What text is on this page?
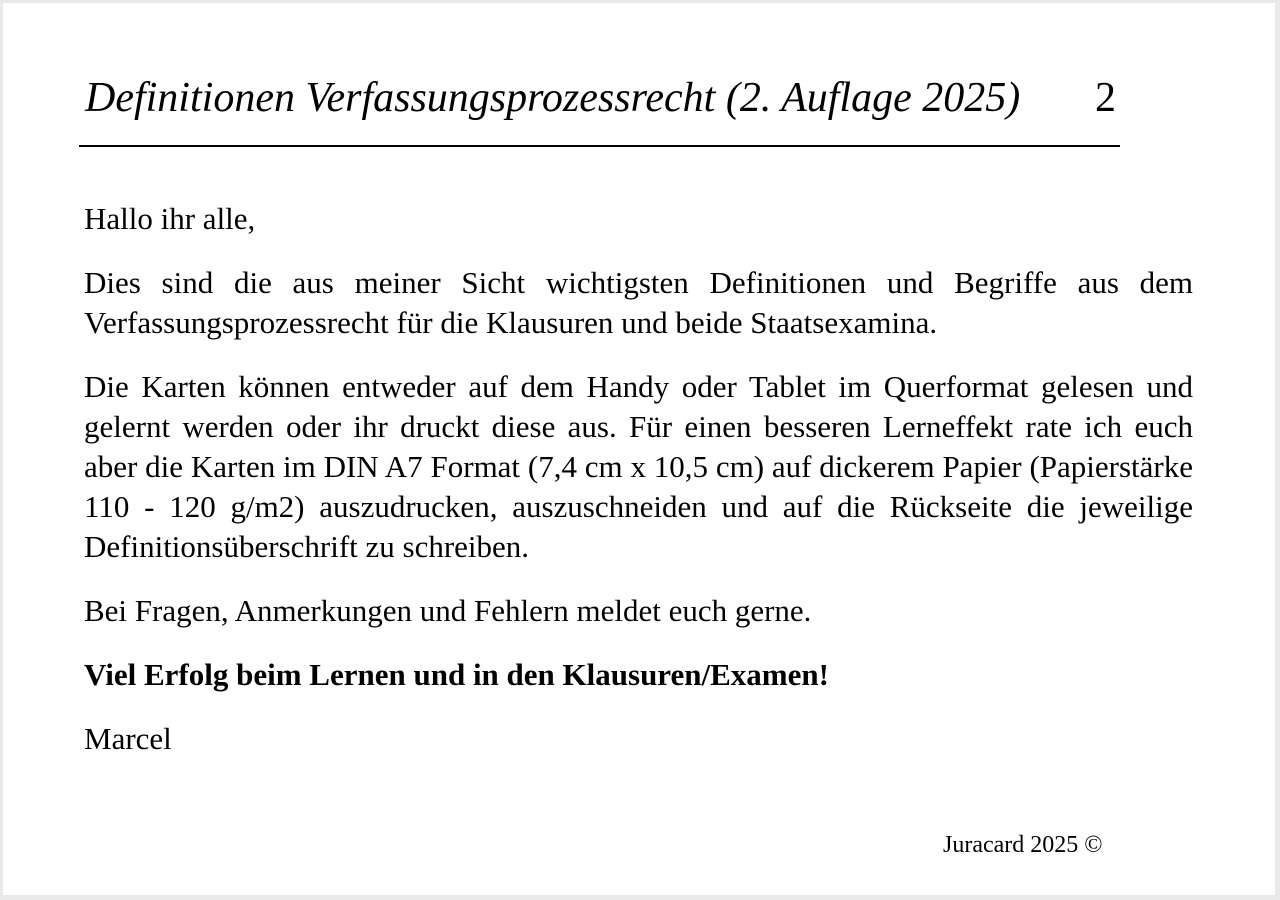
Definitionen Verfassungsprozessrecht (2. Auflage 2025) 2

Hallo ihr alle,

Dies sind die aus meiner Sicht wichtigsten Definitionen und Begriffe aus dem Verfassungsprozessrecht für die Klausuren und beide Staatsexamina.

Die Karten können entweder auf dem Handy oder Tablet im Querformat gelesen und gelernt werden oder ihr druckt diese aus. Für einen besseren Lerneffekt rate ich euch aber die Karten im DIN A7 Format (7,4 cm x 10,5 cm) auf dickerem Papier (Papierstärke 110 - 120 g/m2) auszudrucken, auszuschneiden und auf die Rückseite die jeweilige Definitionsüberschrift zu schreiben.

Bei Fragen, Anmerkungen und Fehlern meldet euch gerne.

Viel Erfolg beim Lernen und in den Klausuren/Examen!

Marcel

Juracard 2025 ©
